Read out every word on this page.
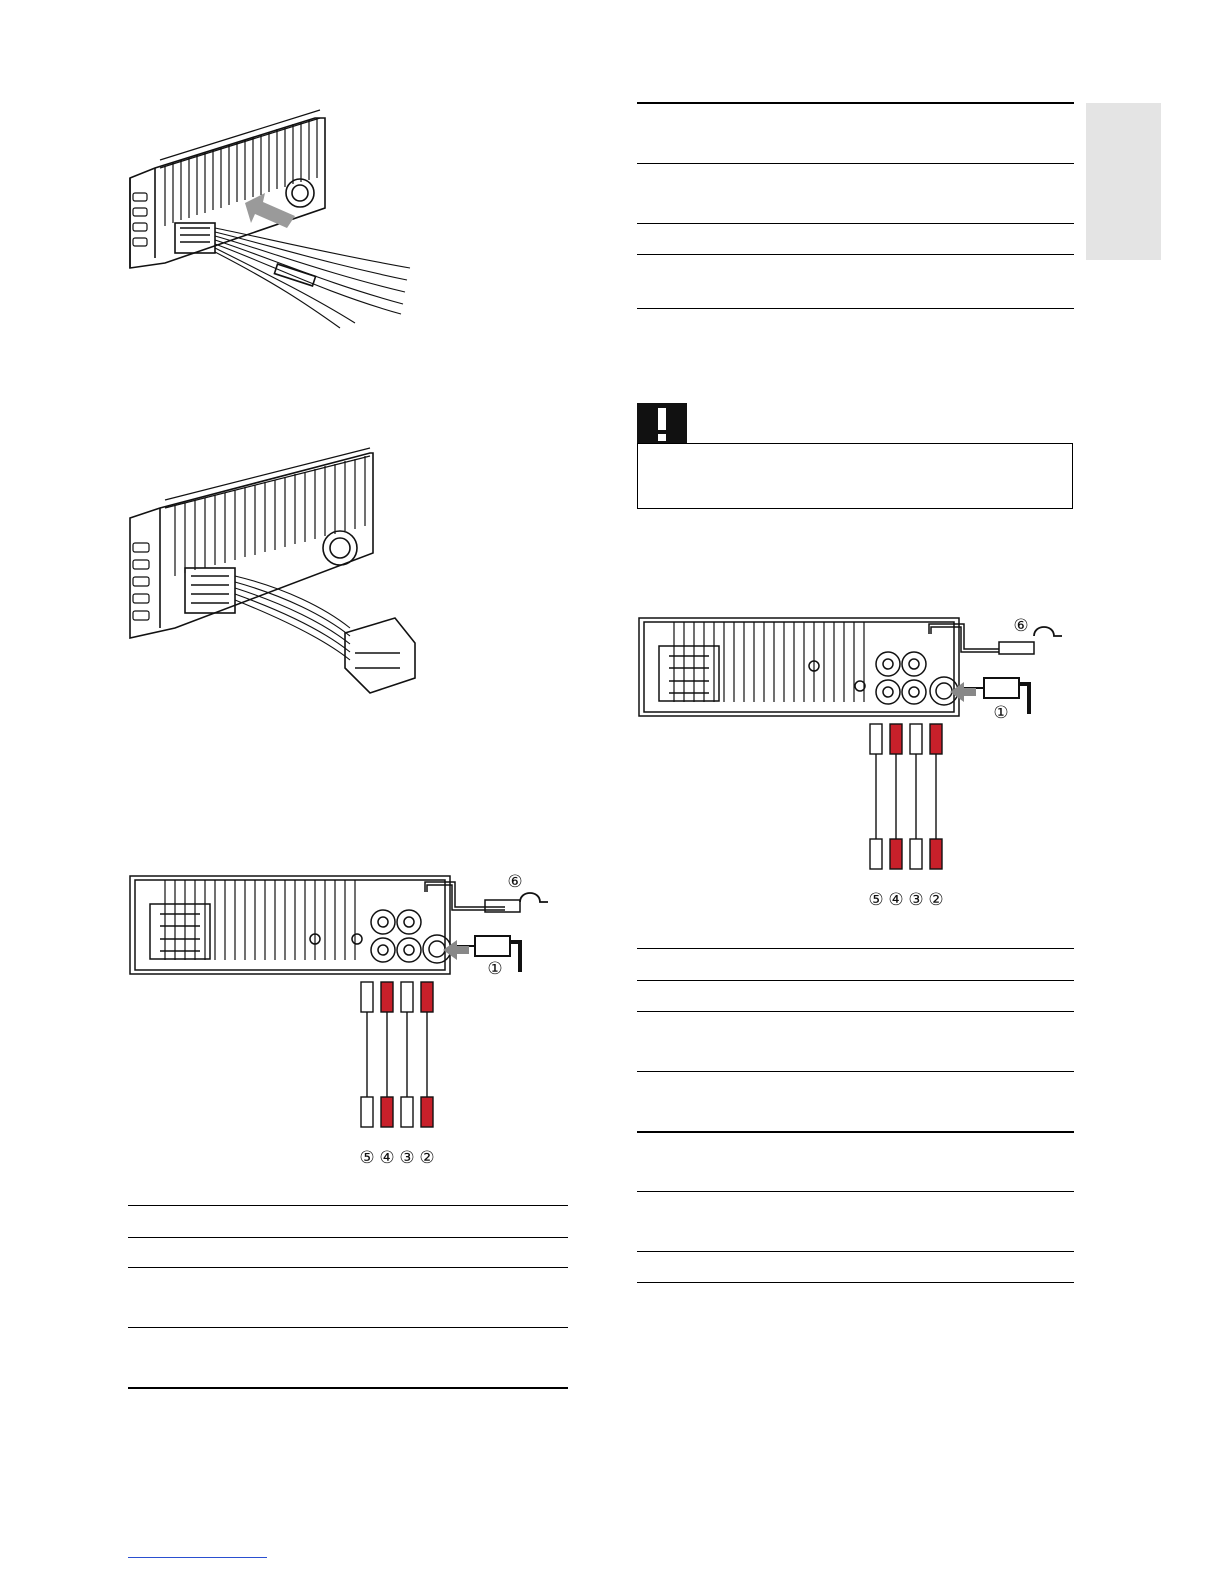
⑥
①
⑤ ④ ③ ②
⑥
①
⑤ ④ ③ ②
